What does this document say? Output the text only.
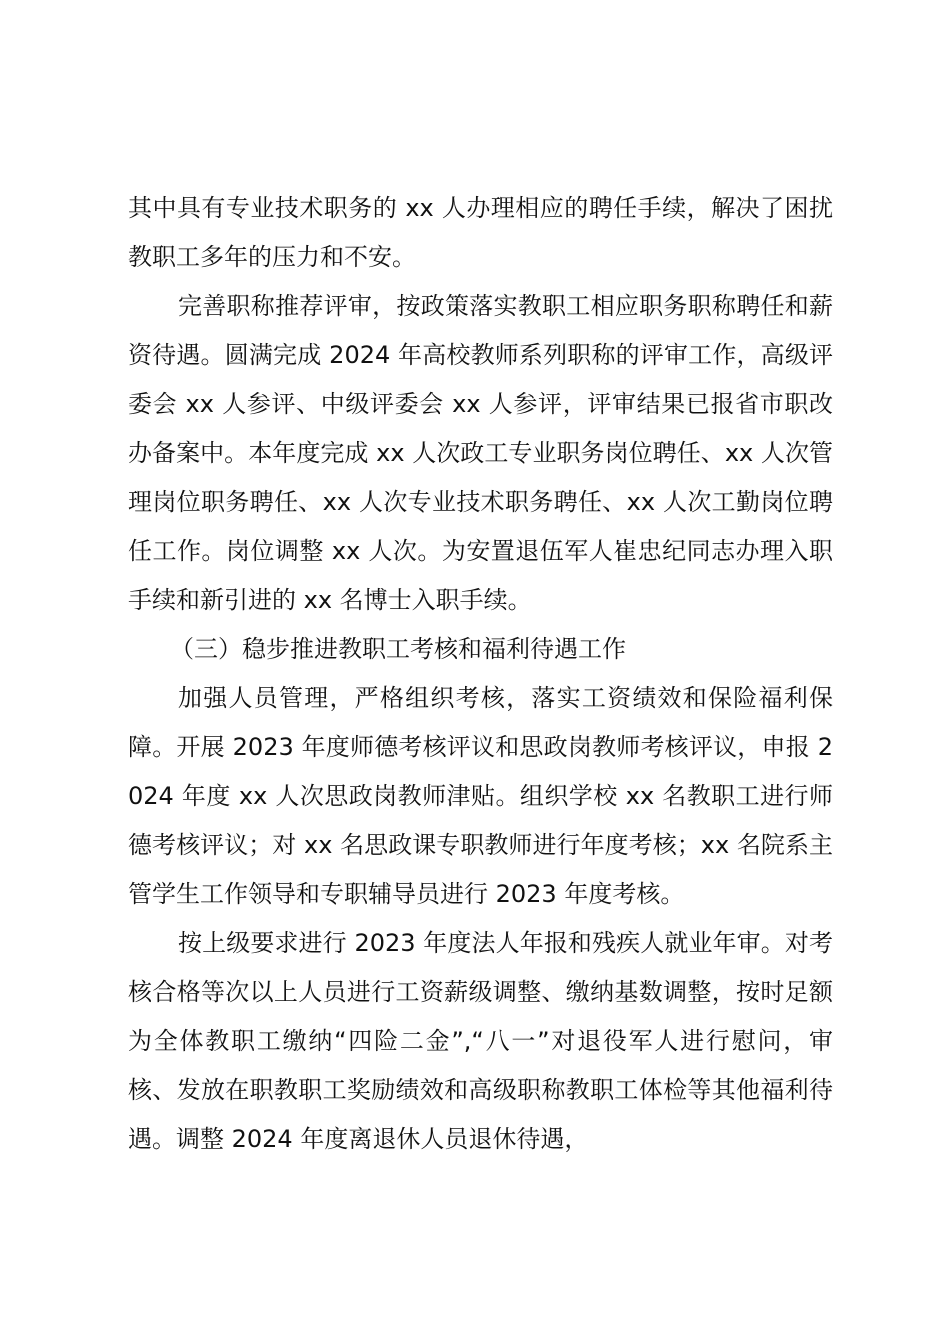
其中具有专业技术职务的 xx 人办理相应的聘任手续，解决了困扰教职工多年的压力和不安。

完善职称推荐评审，按政策落实教职工相应职务职称聘任和薪资待遇。圆满完成 2024 年高校教师系列职称的评审工作，高级评委会 xx 人参评、中级评委会 xx 人参评，评审结果已报省市职改办备案中。本年度完成 xx 人次政工专业职务岗位聘任、xx 人次管理岗位职务聘任、xx 人次专业技术职务聘任、xx 人次工勤岗位聘任工作。岗位调整 xx 人次。为安置退伍军人崔忠纪同志办理入职手续和新引进的 xx 名博士入职手续。

（三）稳步推进教职工考核和福利待遇工作

加强人员管理，严格组织考核，落实工资绩效和保险福利保障。开展 2023 年度师德考核评议和思政岗教师考核评议，申报 2024 年度 xx 人次思政岗教师津贴。组织学校 xx 名教职工进行师德考核评议；对 xx 名思政课专职教师进行年度考核；xx 名院系主管学生工作领导和专职辅导员进行 2023 年度考核。

按上级要求进行 2023 年度法人年报和残疾人就业年审。对考核合格等次以上人员进行工资薪级调整、缴纳基数调整，按时足额为全体教职工缴纳“四险二金”,“八一”对退役军人进行慰问，审核、发放在职教职工奖励绩效和高级职称教职工体检等其他福利待遇。调整 2024 年度离退休人员退休待遇，
